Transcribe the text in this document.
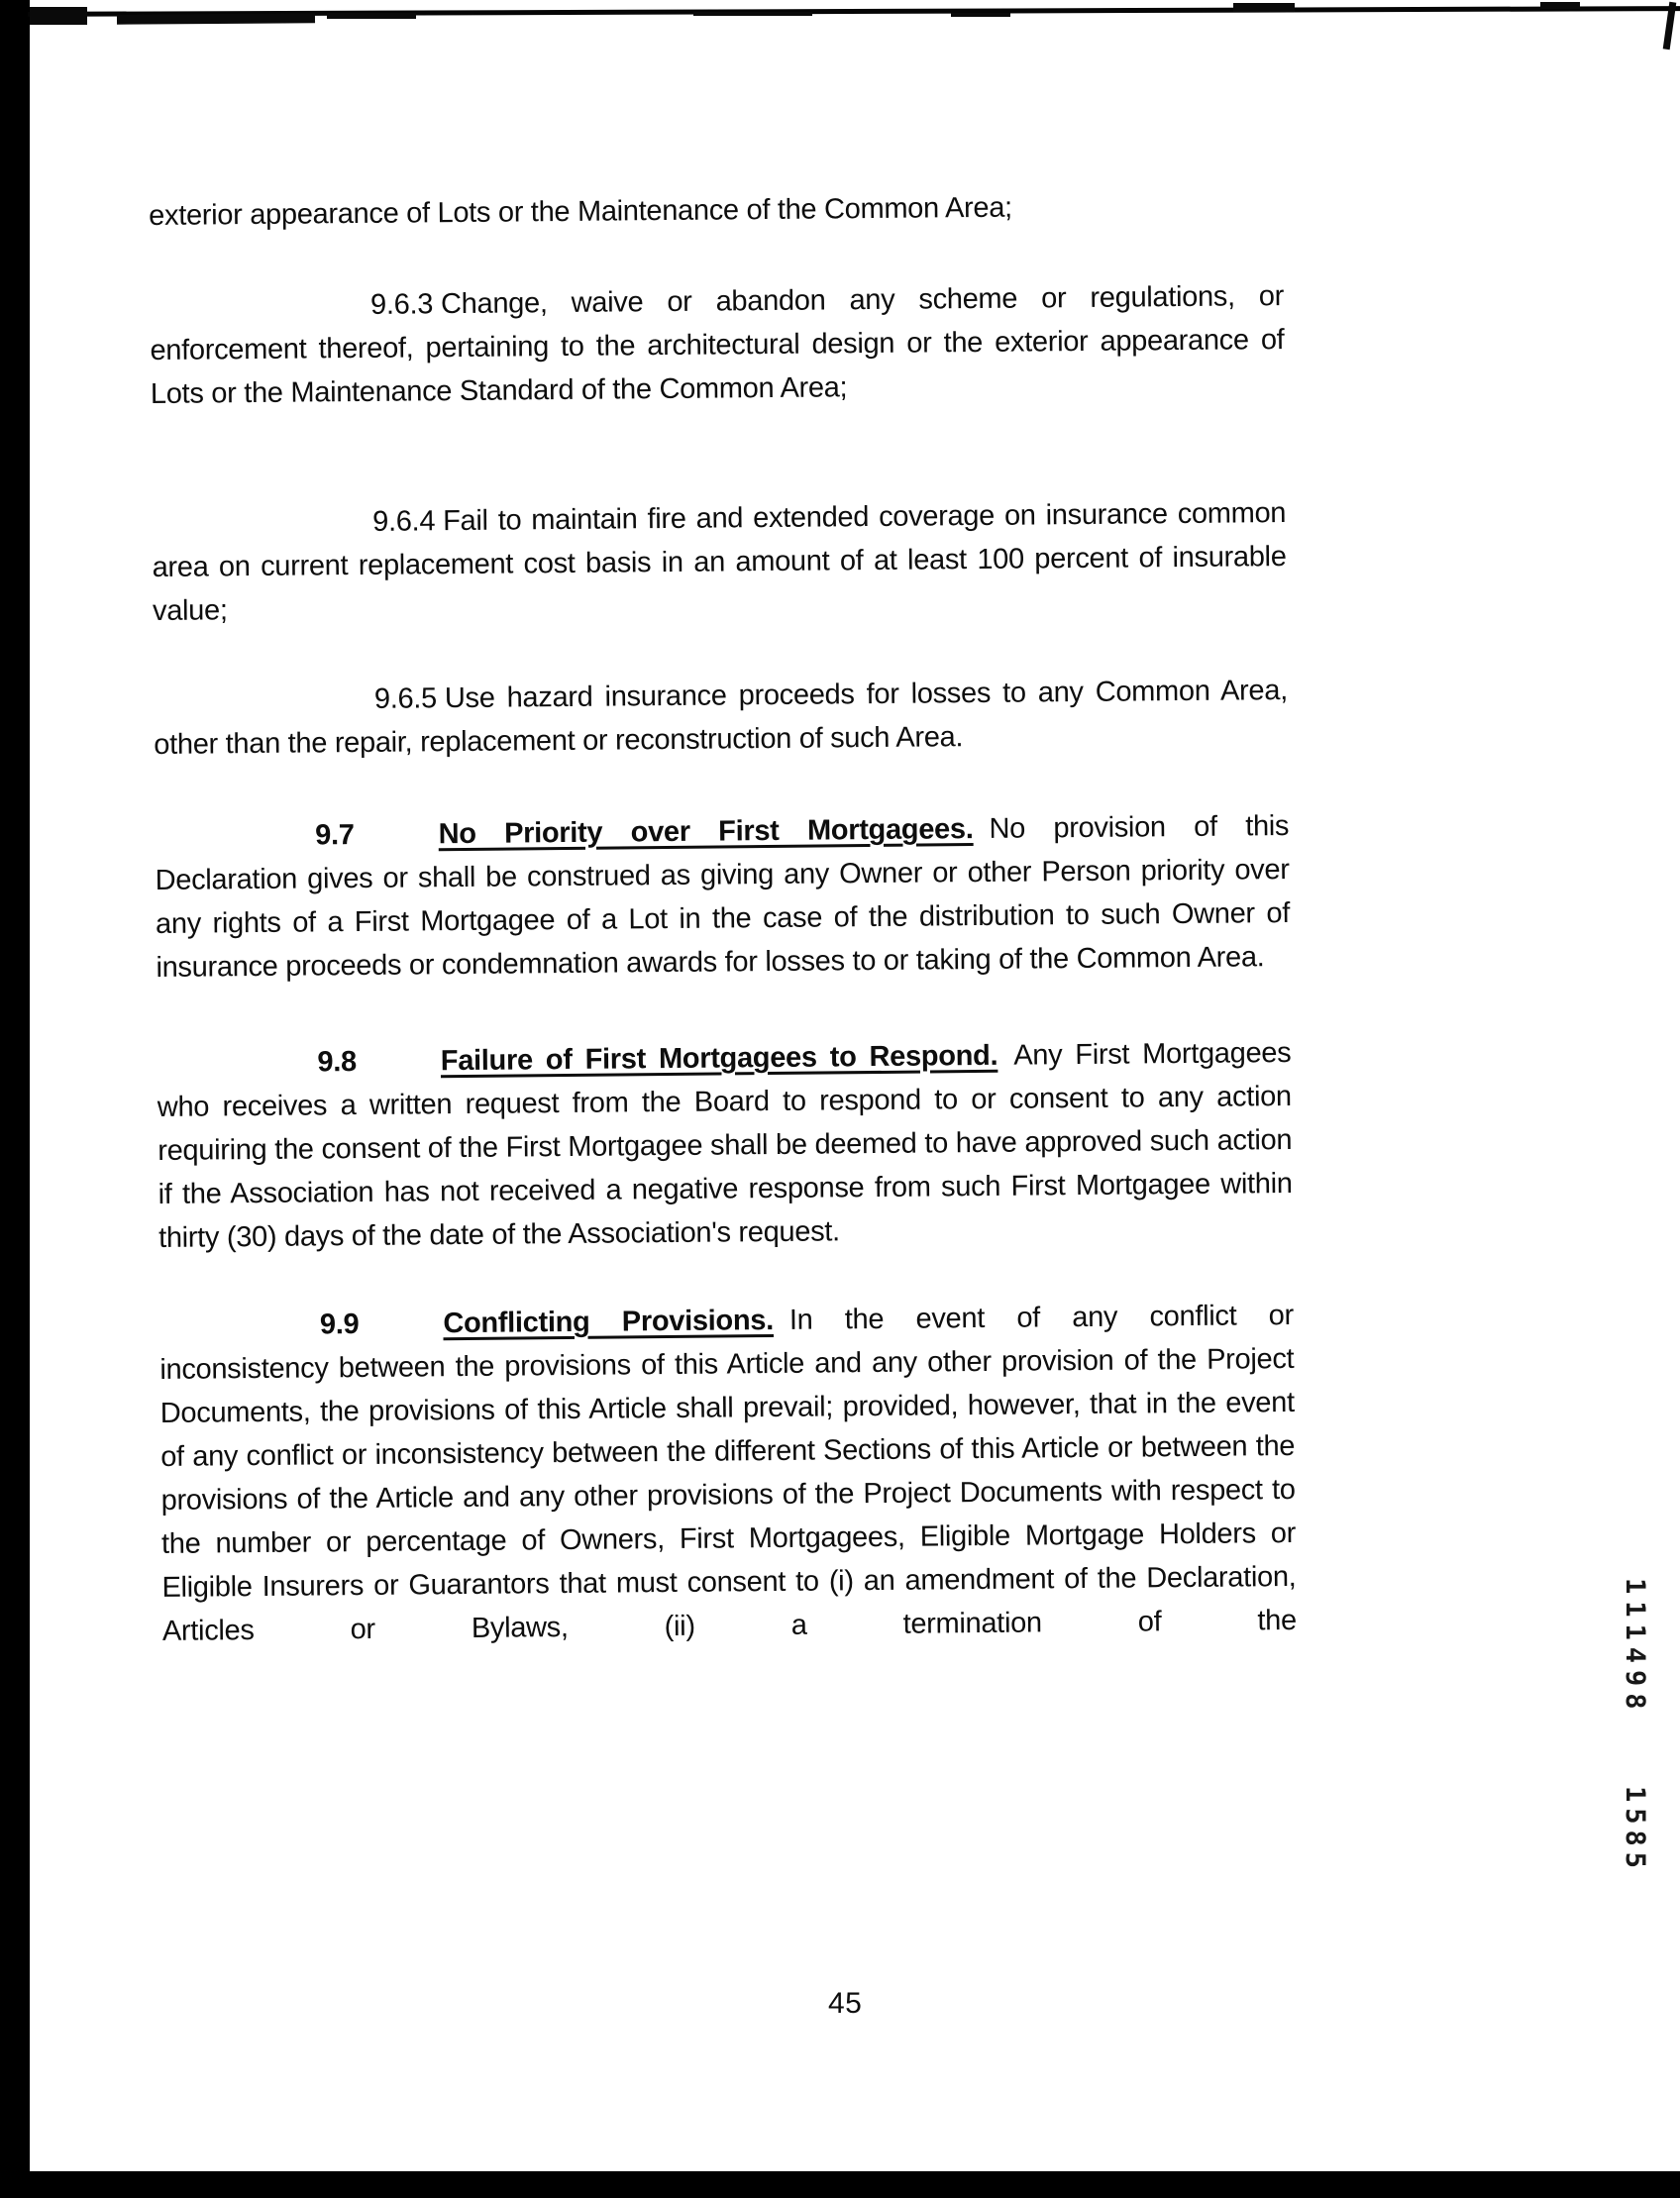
exterior appearance of Lots or the Maintenance of the Common Area;

9.6.3 Change, waive or abandon any scheme or regulations, or enforcement thereof, pertaining to the architectural design or the exterior appearance of Lots or the Maintenance Standard of the Common Area;

9.6.4 Fail to maintain fire and extended coverage on insurance common area on current replacement cost basis in an amount of at least 100 percent of insurable value;

9.6.5 Use hazard insurance proceeds for losses to any Common Area, other than the repair, replacement or reconstruction of such Area.

9.7	No Priority over First Mortgagees. No provision of this Declaration gives or shall be construed as giving any Owner or other Person priority over any rights of a First Mortgagee of a Lot in the case of the distribution to such Owner of insurance proceeds or condemnation awards for losses to or taking of the Common Area.

9.8	Failure of First Mortgagees to Respond. Any First Mortgagees who receives a written request from the Board to respond to or consent to any action requiring the consent of the First Mortgagee shall be deemed to have approved such action if the Association has not received a negative response from such First Mortgagee within thirty (30) days of the date of the Association's request.

9.9	Conflicting Provisions. In the event of any conflict or inconsistency between the provisions of this Article and any other provision of the Project Documents, the provisions of this Article shall prevail; provided, however, that in the event of any conflict or inconsistency between the different Sections of this Article or between the provisions of the Article and any other provisions of the Project Documents with respect to the number or percentage of Owners, First Mortgagees, Eligible Mortgage Holders or Eligible Insurers or Guarantors that must consent to (i) an amendment of the Declaration, Articles or Bylaws, (ii) a termination of the

45
111498
1585
